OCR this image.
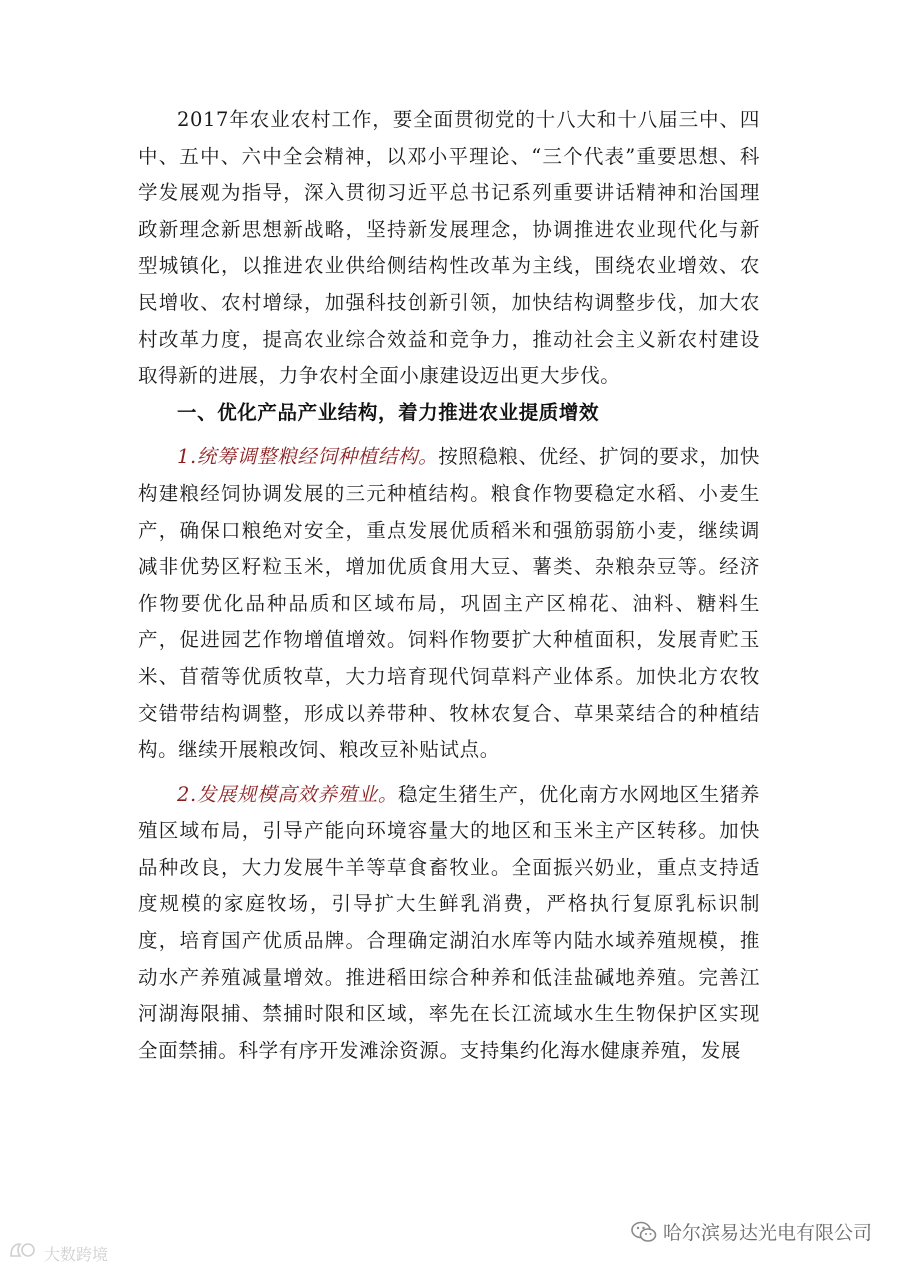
2017年农业农村工作，要全面贯彻党的十八大和十八届三中、四中、五中、六中全会精神，以邓小平理论、“三个代表”重要思想、科学发展观为指导，深入贯彻习近平总书记系列重要讲话精神和治国理政新理念新思想新战略，坚持新发展理念，协调推进农业现代化与新型城镇化，以推进农业供给侧结构性改革为主线，围绕农业增效、农民增收、农村增绿，加强科技创新引领，加快结构调整步伐，加大农村改革力度，提高农业综合效益和竞争力，推动社会主义新农村建设取得新的进展，力争农村全面小康建设迈出更大步伐。

一、优化产品产业结构，着力推进农业提质增效

1.统筹调整粮经饲种植结构。按照稳粮、优经、扩饲的要求，加快构建粮经饲协调发展的三元种植结构。粮食作物要稳定水稻、小麦生产，确保口粮绝对安全，重点发展优质稻米和强筋弱筋小麦，继续调减非优势区籽粒玉米，增加优质食用大豆、薯类、杂粮杂豆等。经济作物要优化品种品质和区域布局，巩固主产区棉花、油料、糖料生产，促进园艺作物增值增效。饲料作物要扩大种植面积，发展青贮玉米、苜蓿等优质牧草，大力培育现代饲草料产业体系。加快北方农牧交错带结构调整，形成以养带种、牧林农复合、草果菜结合的种植结构。继续开展粮改饲、粮改豆补贴试点。

2.发展规模高效养殖业。稳定生猪生产，优化南方水网地区生猪养殖区域布局，引导产能向环境容量大的地区和玉米主产区转移。加快品种改良，大力发展牛羊等草食畜牧业。全面振兴奶业，重点支持适度规模的家庭牧场，引导扩大生鲜乳消费，严格执行复原乳标识制度，培育国产优质品牌。合理确定湖泊水库等内陆水域养殖规模，推动水产养殖减量增效。推进稻田综合种养和低洼盐碱地养殖。完善江河湖海限捕、禁捕时限和区域，率先在长江流域水生生物保护区实现全面禁捕。科学有序开发滩涂资源。支持集约化海水健康养殖，发展

哈尔滨易达光电有限公司
大数跨境
